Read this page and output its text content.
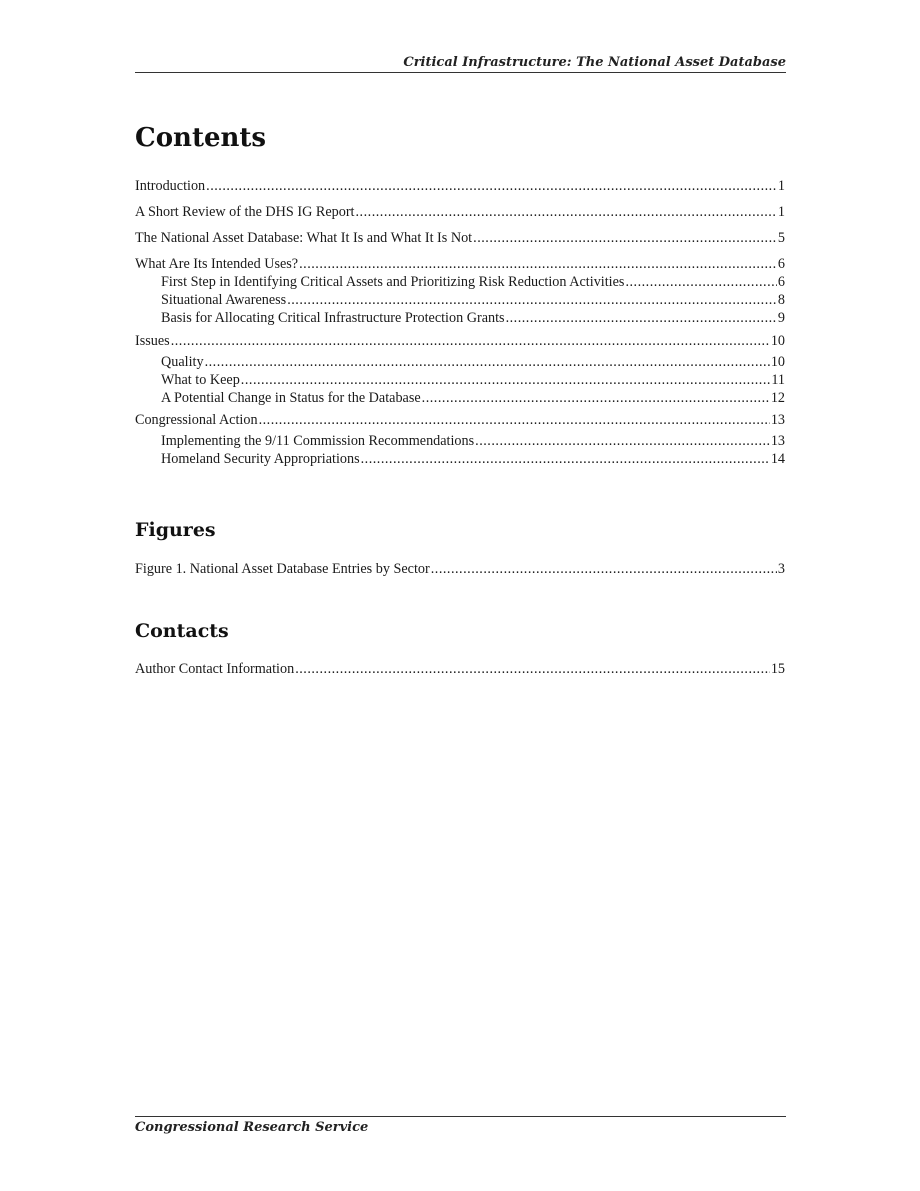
Critical Infrastructure: The National Asset Database
Contents
Introduction .....	1
A Short Review of the DHS IG Report .....	1
The National Asset Database: What It Is and What It Is Not .....	5
What Are Its Intended Uses? .....	6
First Step in Identifying Critical Assets and Prioritizing Risk Reduction Activities .....	6
Situational Awareness .....	8
Basis for Allocating Critical Infrastructure Protection Grants .....	9
Issues .....	10
Quality .....	10
What to Keep .....	11
A Potential Change in Status for the Database .....	12
Congressional Action .....	13
Implementing the 9/11 Commission Recommendations .....	13
Homeland Security Appropriations .....	14
Figures
Figure 1. National Asset Database Entries by Sector .....	3
Contacts
Author Contact Information .....	15
Congressional Research Service
